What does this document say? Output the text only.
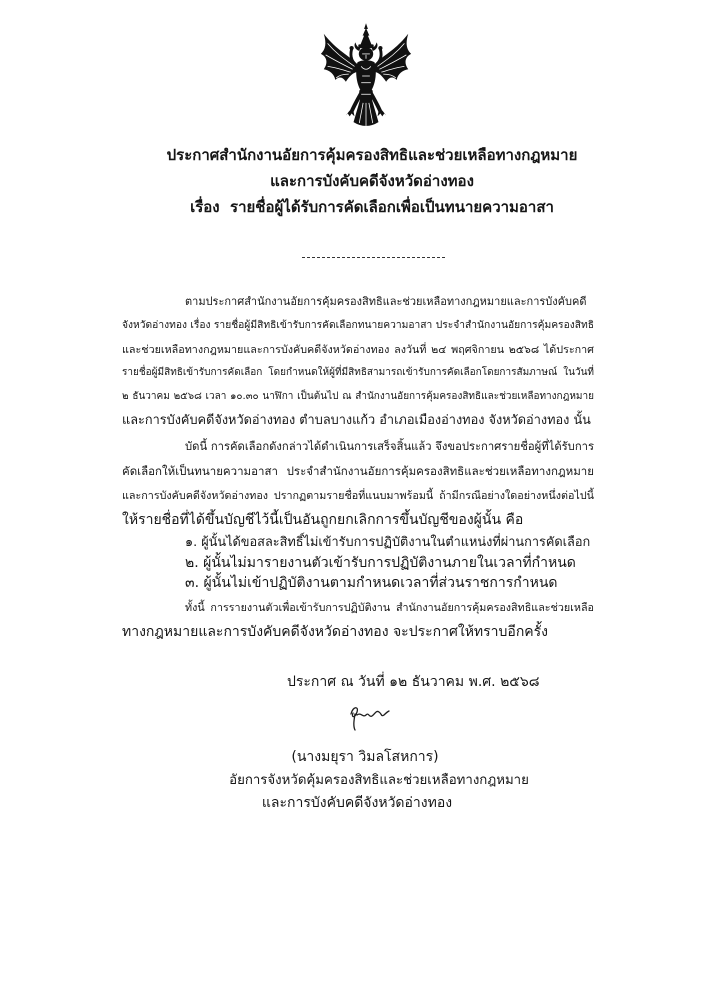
ประกาศสำนักงานอัยการคุ้มครองสิทธิและช่วยเหลือทางกฎหมาย
และการบังคับคดีจังหวัดอ่างทอง
เรื่อง  รายชื่อผู้ได้รับการคัดเลือกเพื่อเป็นทนายความอาสา
ตามประกาศสำนักงานอัยการคุ้มครองสิทธิและช่วยเหลือทางกฎหมายและการบังคับคดี
จังหวัดอ่างทอง เรื่อง รายชื่อผู้มีสิทธิเข้ารับการคัดเลือกทนายความอาสา ประจำสำนักงานอัยการคุ้มครองสิทธิ
และช่วยเหลือทางกฎหมายและการบังคับคดีจังหวัดอ่างทอง ลงวันที่ ๒๔ พฤศจิกายน ๒๕๖๘ ได้ประกาศ
รายชื่อผู้มีสิทธิเข้ารับการคัดเลือก โดยกำหนดให้ผู้ที่มีสิทธิสามารถเข้ารับการคัดเลือกโดยการสัมภาษณ์ ในวันที่
๒ ธันวาคม ๒๕๖๘ เวลา ๑๐.๓๐ นาฬิกา เป็นต้นไป ณ สำนักงานอัยการคุ้มครองสิทธิและช่วยเหลือทางกฎหมาย
และการบังคับคดีจังหวัดอ่างทอง ตำบลบางแก้ว อำเภอเมืองอ่างทอง จังหวัดอ่างทอง นั้น
บัดนี้ การคัดเลือกดังกล่าวได้ดำเนินการเสร็จสิ้นแล้ว จึงขอประกาศรายชื่อผู้ที่ได้รับการ
คัดเลือกให้เป็นทนายความอาสา ประจำสำนักงานอัยการคุ้มครองสิทธิและช่วยเหลือทางกฎหมาย
และการบังคับคดีจังหวัดอ่างทอง ปรากฏตามรายชื่อที่แนบมาพร้อมนี้ ถ้ามีกรณีอย่างใดอย่างหนึ่งต่อไปนี้
ให้รายชื่อที่ได้ขึ้นบัญชีไว้นี้เป็นอันถูกยกเลิกการขึ้นบัญชีของผู้นั้น คือ
๑. ผู้นั้นได้ขอสละสิทธิ์ไม่เข้ารับการปฏิบัติงานในตำแหน่งที่ผ่านการคัดเลือก
๒. ผู้นั้นไม่มารายงานตัวเข้ารับการปฏิบัติงานภายในเวลาที่กำหนด
๓. ผู้นั้นไม่เข้าปฏิบัติงานตามกำหนดเวลาที่ส่วนราชการกำหนด
ทั้งนี้ การรายงานตัวเพื่อเข้ารับการปฏิบัติงาน สำนักงานอัยการคุ้มครองสิทธิและช่วยเหลือ
ทางกฎหมายและการบังคับคดีจังหวัดอ่างทอง จะประกาศให้ทราบอีกครั้ง
ประกาศ ณ วันที่ ๑๒ ธันวาคม พ.ศ. ๒๕๖๘
(นางมยุรา วิมลโสหการ)
อัยการจังหวัดคุ้มครองสิทธิและช่วยเหลือทางกฎหมาย
และการบังคับคดีจังหวัดอ่างทอง
